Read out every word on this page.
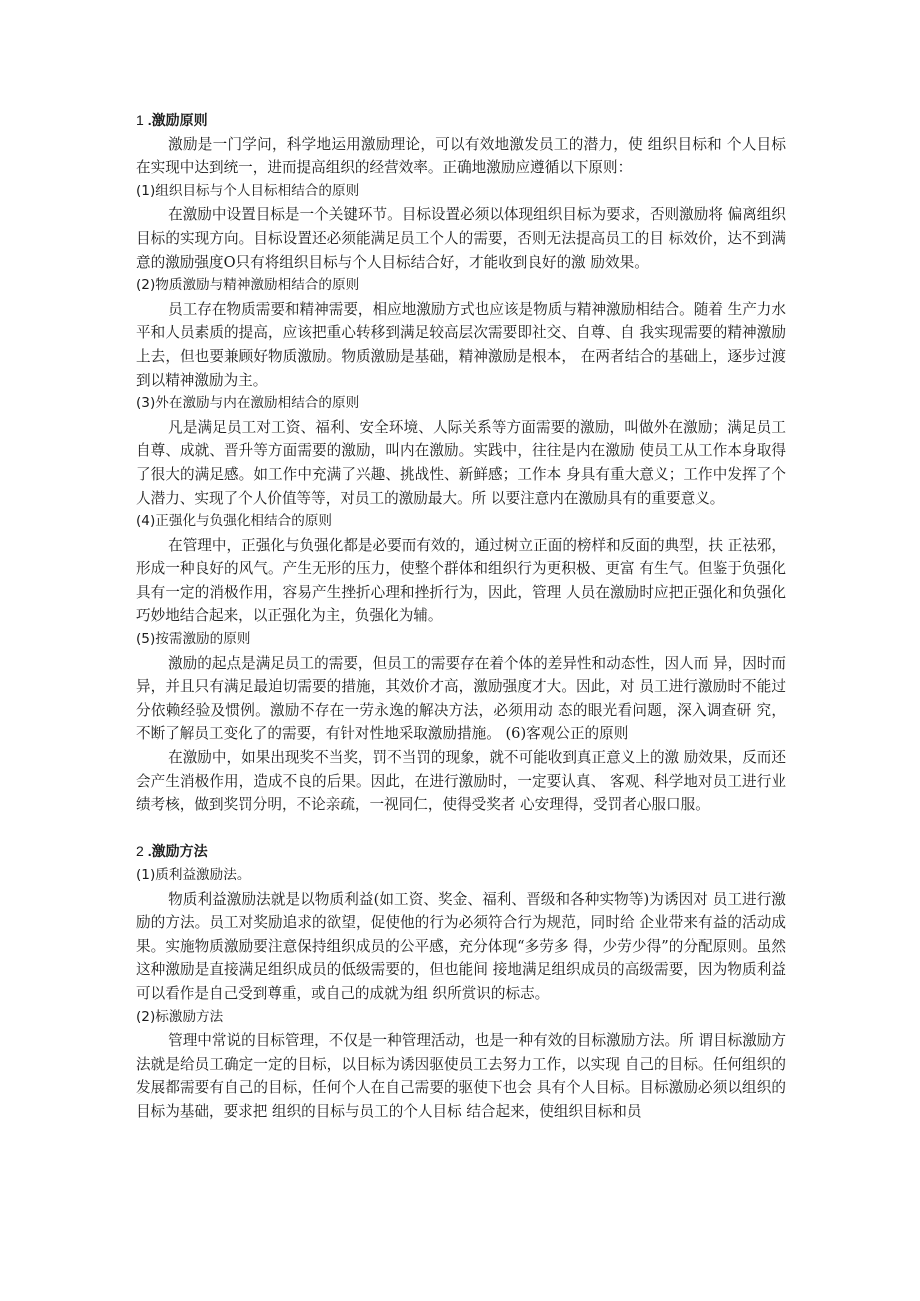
1 .激励原则

激励是一门学问，科学地运用激励理论，可以有效地激发员工的潜力，使 组织目标和 个人目标在实现中达到统一，进而提高组织的经营效率。正确地激励应遵循以下原则：

(1)组织目标与个人目标相结合的原则

在激励中设置目标是一个关键环节。目标设置必须以体现组织目标为要求，否则激励将 偏离组织目标的实现方向。目标设置还必须能满足员工个人的需要，否则无法提高员工的目 标效价，达不到满意的激励强度O只有将组织目标与个人目标结合好，才能收到良好的激 励效果。

(2)物质激励与精神激励相结合的原则

员工存在物质需要和精神需要，相应地激励方式也应该是物质与精神激励相结合。随着 生产力水平和人员素质的提高，应该把重心转移到满足较高层次需要即社交、自尊、自 我实现需要的精神激励上去，但也要兼顾好物质激励。物质激励是基础，精神激励是根本， 在两者结合的基础上，逐步过渡到以精神激励为主。

(3)外在激励与内在激励相结合的原则

凡是满足员工对工资、福利、安全环境、人际关系等方面需要的激励，叫做外在激励；满足员工自尊、成就、晋升等方面需要的激励，叫内在激励。实践中，往往是内在激励 使员工从工作本身取得了很大的满足感。如工作中充满了兴趣、挑战性、新鲜感；工作本 身具有重大意义；工作中发挥了个人潜力、实现了个人价值等等，对员工的激励最大。所 以要注意内在激励具有的重要意义。

(4)正强化与负强化相结合的原则

在管理中，正强化与负强化都是必要而有效的，通过树立正面的榜样和反面的典型，扶 正祛邪，形成一种良好的风气。产生无形的压力，使整个群体和组织行为更积极、更富 有生气。但鉴于负强化具有一定的消极作用，容易产生挫折心理和挫折行为，因此，管理 人员在激励时应把正强化和负强化巧妙地结合起来，以正强化为主，负强化为辅。

(5)按需激励的原则

激励的起点是满足员工的需要，但员工的需要存在着个体的差异性和动态性，因人而 异，因时而异，并且只有满足最迫切需要的措施，其效价才高，激励强度才大。因此，对 员工进行激励时不能过分依赖经验及惯例。激励不存在一劳永逸的解决方法，必须用动 态的眼光看问题，深入调查研 究，不断了解员工变化了的需要，有针对性地采取激励措施。 (6)客观公正的原则

在激励中，如果出现奖不当奖，罚不当罚的现象，就不可能收到真正意义上的激 励效果，反而还会产生消极作用，造成不良的后果。因此，在进行激励时，一定要认真、 客观、科学地对员工进行业绩考核，做到奖罚分明，不论亲疏，一视同仁，使得受奖者 心安理得，受罚者心服口服。

2 .激励方法

(1)质利益激励法。

物质利益激励法就是以物质利益(如工资、奖金、福利、晋级和各种实物等)为诱因对 员工进行激励的方法。员工对奖励追求的欲望，促使他的行为必须符合行为规范，同时给 企业带来有益的活动成果。实施物质激励要注意保持组织成员的公平感，充分体现“多劳多 得，少劳少得”的分配原则。虽然这种激励是直接满足组织成员的低级需要的，但也能间 接地满足组织成员的高级需要，因为物质利益可以看作是自己受到尊重，或自己的成就为组 织所赏识的标志。

(2)标激励方法

管理中常说的目标管理，不仅是一种管理活动，也是一种有效的目标激励方法。所 谓目标激励方法就是给员工确定一定的目标，以目标为诱因驱使员工去努力工作，以实现 自己的目标。任何组织的发展都需要有自己的目标，任何个人在自己需要的驱使下也会 具有个人目标。目标激励必须以组织的目标为基础，要求把 组织的目标与员工的个人目标 结合起来，使组织目标和员
